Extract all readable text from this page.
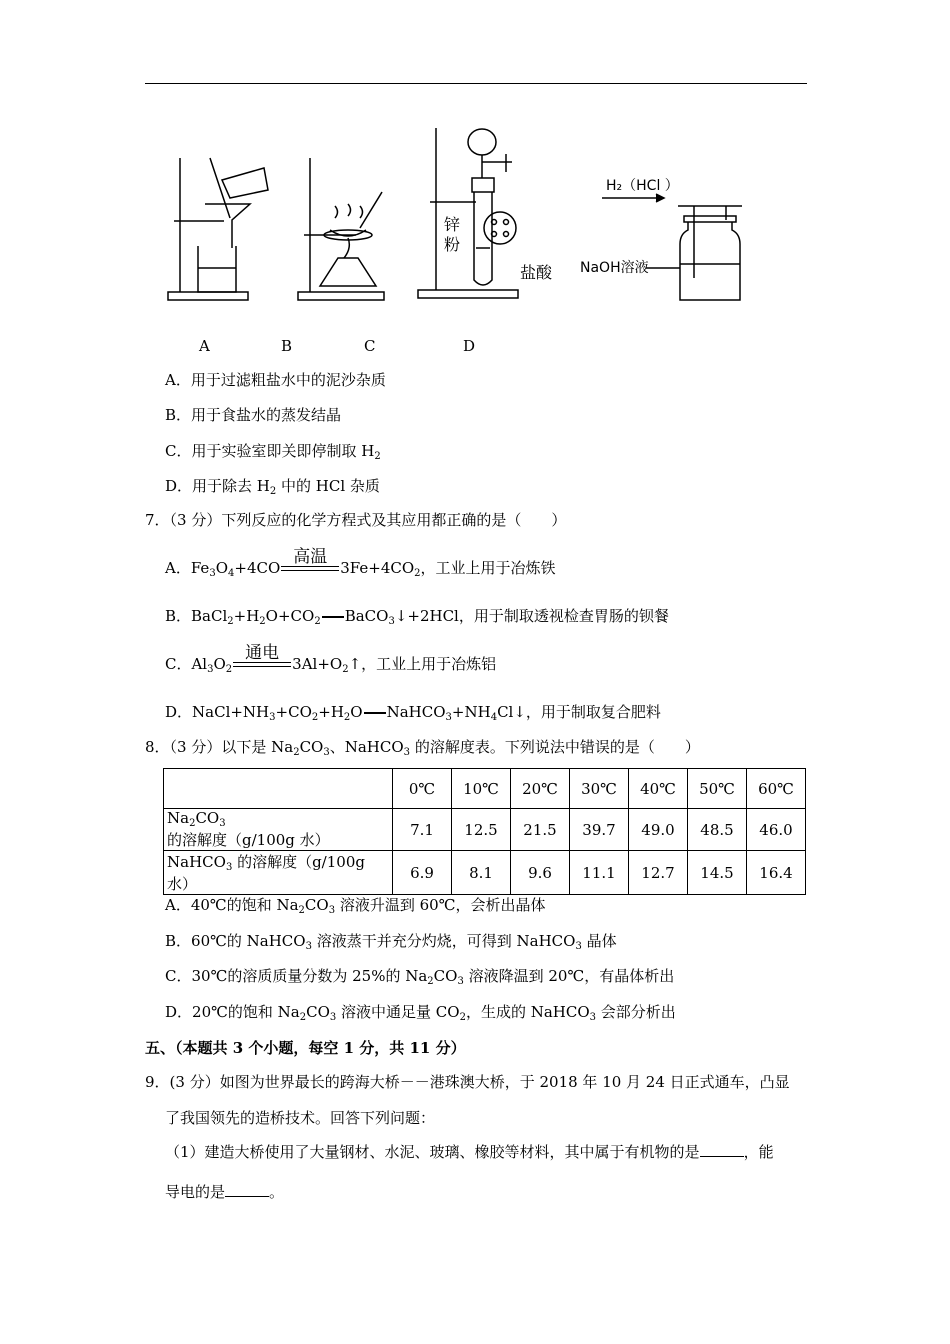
锌
粉
盐酸
H₂（HCl ）
NaOH溶液
A	B	C	D
A．用于过滤粗盐水中的泥沙杂质
B．用于食盐水的蒸发结晶
C．用于实验室即关即停制取 $H_2$
D．用于除去 $H_2$ 中的 HCl 杂质
7．（3 分）下列反应的化学方程式及其应用都正确的是（　　）
A．$Fe_3O_4+4CO$
高温
$3Fe+4CO_2$，工业上用于冶炼铁
B．$BaCl_2+H_2O+CO_2$ BaCO$_3$↓+2HCl，用于制取透视检查胃肠的钡餐
C．$Al_3O_2$
通电
$3Al+O_2↑$，工业上用于冶炼铝
D．$NaCl+NH_3+CO_2+H_2O$ $NaHCO_3+NH_4Cl↓$，用于制取复合肥料
8．（3 分）以下是 $Na_2CO_3$、NaHCO$_3$ 的溶解度表。下列说法中错误的是（　　）
	0℃	10℃	20℃	30℃	40℃	50℃	60℃
$Na_2CO_3$ 的溶解度（g/100g 水）	7.1	12.5	21.5	39.7	49.0	48.5	46.0
NaHCO$_3$ 的溶解度（g/100g 水）	6.9	8.1	9.6	11.1	12.7	14.5	16.4
A．40℃的饱和 $Na_2CO_3$ 溶液升温到 60℃，会析出晶体
B．60℃的 NaHCO$_3$ 溶液蒸干并充分灼烧，可得到 NaHCO$_3$ 晶体
C．30℃的溶质质量分数为 25%的 $Na_2CO_3$ 溶液降温到 20℃，有晶体析出
D．20℃的饱和 $Na_2CO_3$ 溶液中通足量 $CO_2$，生成的 NaHCO$_3$ 会部分析出
五、（本题共 3 个小题，每空 1 分，共 11 分）
9．(3 分）如图为世界最长的跨海大桥－－港珠澳大桥，于 2018 年 10 月 24 日正式通车，凸显
了我国领先的造桥技术。回答下列问题：
（1）建造大桥使用了大量钢材、水泥、玻璃、橡胶等材料，其中属于有机物的是	，能
导电的是	。
